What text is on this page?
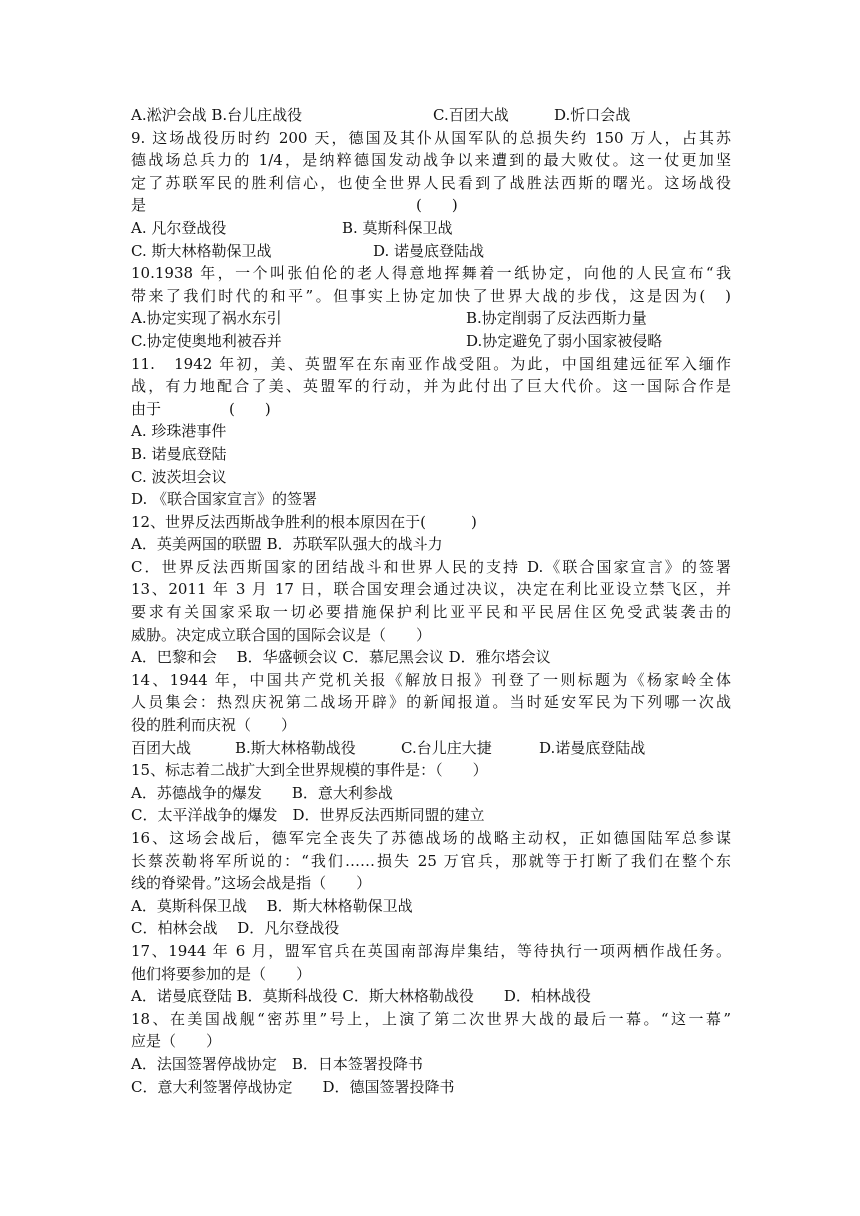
A.淞沪会战 B.台儿庄战役	C.百团大战	D.忻口会战
9. 这场战役历时约 200 天，德国及其仆从国军队的总损失约 150 万人，占其苏
德战场总兵力的 1/4，是纳粹德国发动战争以来遭到的最大败仗。这一仗更加坚
定了苏联军民的胜利信心，也使全世界人民看到了战胜法西斯的曙光。这场战役
是	(　　)
A. 凡尔登战役	B. 莫斯科保卫战
C. 斯大林格勒保卫战	D. 诺曼底登陆战
10.1938 年，一个叫张伯伦的老人得意地挥舞着一纸协定，向他的人民宣布“我
带来了我们时代的和平”。但事实上协定加快了世界大战的步伐，这是因为(　)
A.协定实现了祸水东引	B.协定削弱了反法西斯力量
C.协定使奥地利被吞并	D.协定避免了弱小国家被侵略
11.　1942 年初，美、英盟军在东南亚作战受阻。为此，中国组建远征军入缅作
战，有力地配合了美、英盟军的行动，并为此付出了巨大代价。这一国际合作是
由于	(　　)
A. 珍珠港事件
B. 诺曼底登陆
C. 波茨坦会议
D. 《联合国家宣言》的签署
12、世界反法西斯战争胜利的根本原因在于(　　　)
A．英美两国的联盟 B．苏联军队强大的战斗力
C．世界反法西斯国家的团结战斗和世界人民的支持 D.《联合国家宣言》的签署
13、2011 年 3 月 17 日，联合国安理会通过决议，决定在利比亚设立禁飞区，并
要求有关国家采取一切必要措施保护利比亚平民和平民居住区免受武装袭击的
威胁。决定成立联合国的国际会议是（　　）
A．巴黎和会　 B．华盛顿会议 C．慕尼黑会议 D．雅尔塔会议
14、1944 年，中国共产党机关报《解放日报》刊登了一则标题为《杨家岭全体
人员集会：热烈庆祝第二战场开辟》的新闻报道。当时延安军民为下列哪一次战
役的胜利而庆祝（　　）
百团大战	B.斯大林格勒战役	C.台儿庄大捷	D.诺曼底登陆战
15、标志着二战扩大到全世界规模的事件是：（　　）
A．苏德战争的爆发　　B．意大利参战
C．太平洋战争的爆发　D．世界反法西斯同盟的建立
16、这场会战后，德军完全丧失了苏德战场的战略主动权，正如德国陆军总参谋
长蔡茨勒将军所说的：“我们……损失 25 万官兵，那就等于打断了我们在整个东
线的脊梁骨。”这场会战是指（　　）
A．莫斯科保卫战　 B．斯大林格勒保卫战
C．柏林会战　 D．凡尔登战役
17、1944 年 6 月，盟军官兵在英国南部海岸集结，等待执行一项两栖作战任务。
他们将要参加的是（　　）
A．诺曼底登陆 B．莫斯科战役 C．斯大林格勒战役　　D．柏林战役
18、在美国战舰“密苏里”号上，上演了第二次世界大战的最后一幕。“这一幕”
应是（　　）
A．法国签署停战协定　B．日本签署投降书
C．意大利签署停战协定　　D．德国签署投降书
